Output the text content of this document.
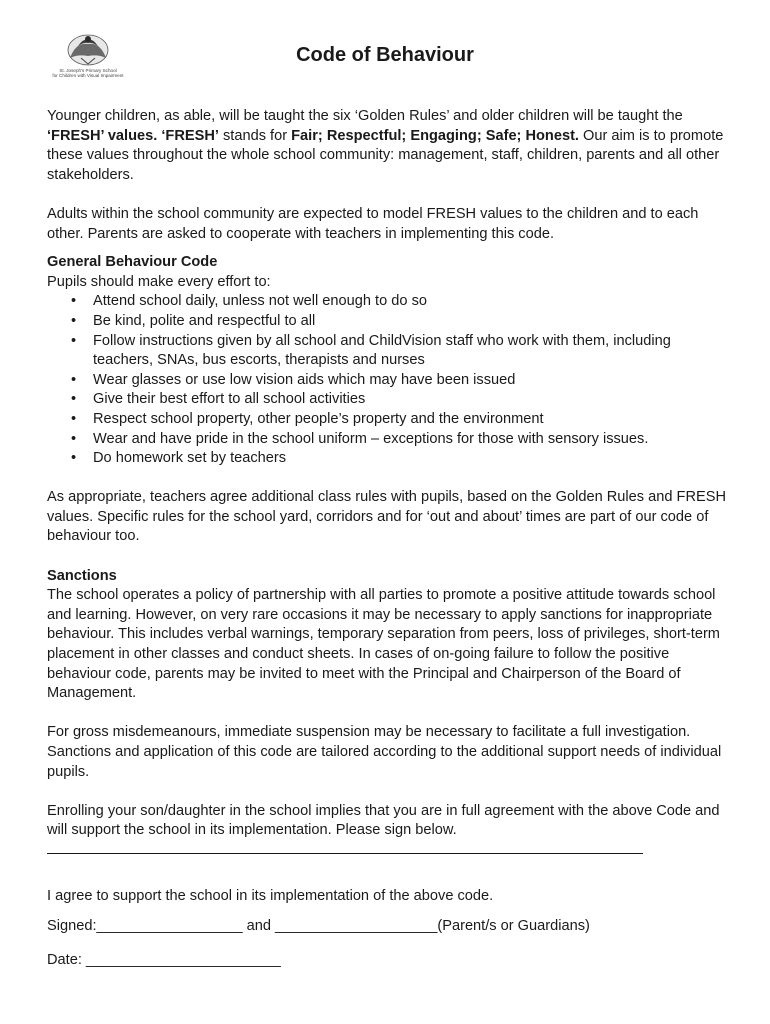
St. Joseph's Primary School
for Children with Visual Impairment
Code of Behaviour

Younger children, as able, will be taught the six ‘Golden Rules’ and older children will be taught the ‘FRESH’ values. ‘FRESH’ stands for Fair; Respectful; Engaging; Safe; Honest. Our aim is to promote these values throughout the whole school community: management, staff, children, parents and all other stakeholders.

Adults within the school community are expected to model FRESH values to the children and to each other. Parents are asked to cooperate with teachers in implementing this code.

General Behaviour Code

Pupils should make every effort to:

• Attend school daily, unless not well enough to do so
• Be kind, polite and respectful to all
• Follow instructions given by all school and ChildVision staff who work with them, including teachers, SNAs, bus escorts, therapists and nurses
• Wear glasses or use low vision aids which may have been issued
• Give their best effort to all school activities
• Respect school property, other people’s property and the environment
• Wear and have pride in the school uniform – exceptions for those with sensory issues.
• Do homework set by teachers

As appropriate, teachers agree additional class rules with pupils, based on the Golden Rules and FRESH values. Specific rules for the school yard, corridors and for ‘out and about’ times are part of our code of behaviour too.

Sanctions

The school operates a policy of partnership with all parties to promote a positive attitude towards school and learning. However, on very rare occasions it may be necessary to apply sanctions for inappropriate behaviour. This includes verbal warnings, temporary separation from peers, loss of privileges, short-term placement in other classes and conduct sheets. In cases of on-going failure to follow the positive behaviour code, parents may be invited to meet with the Principal and Chairperson of the Board of Management.

For gross misdemeanours, immediate suspension may be necessary to facilitate a full investigation. Sanctions and application of this code are tailored according to the additional support needs of individual pupils.

Enrolling your son/daughter in the school implies that you are in full agreement with the above Code and will support the school in its implementation. Please sign below.

I agree to support the school in its implementation of the above code.

Signed:__________________ and ____________________(Parent/s or Guardians)

Date: ________________________
